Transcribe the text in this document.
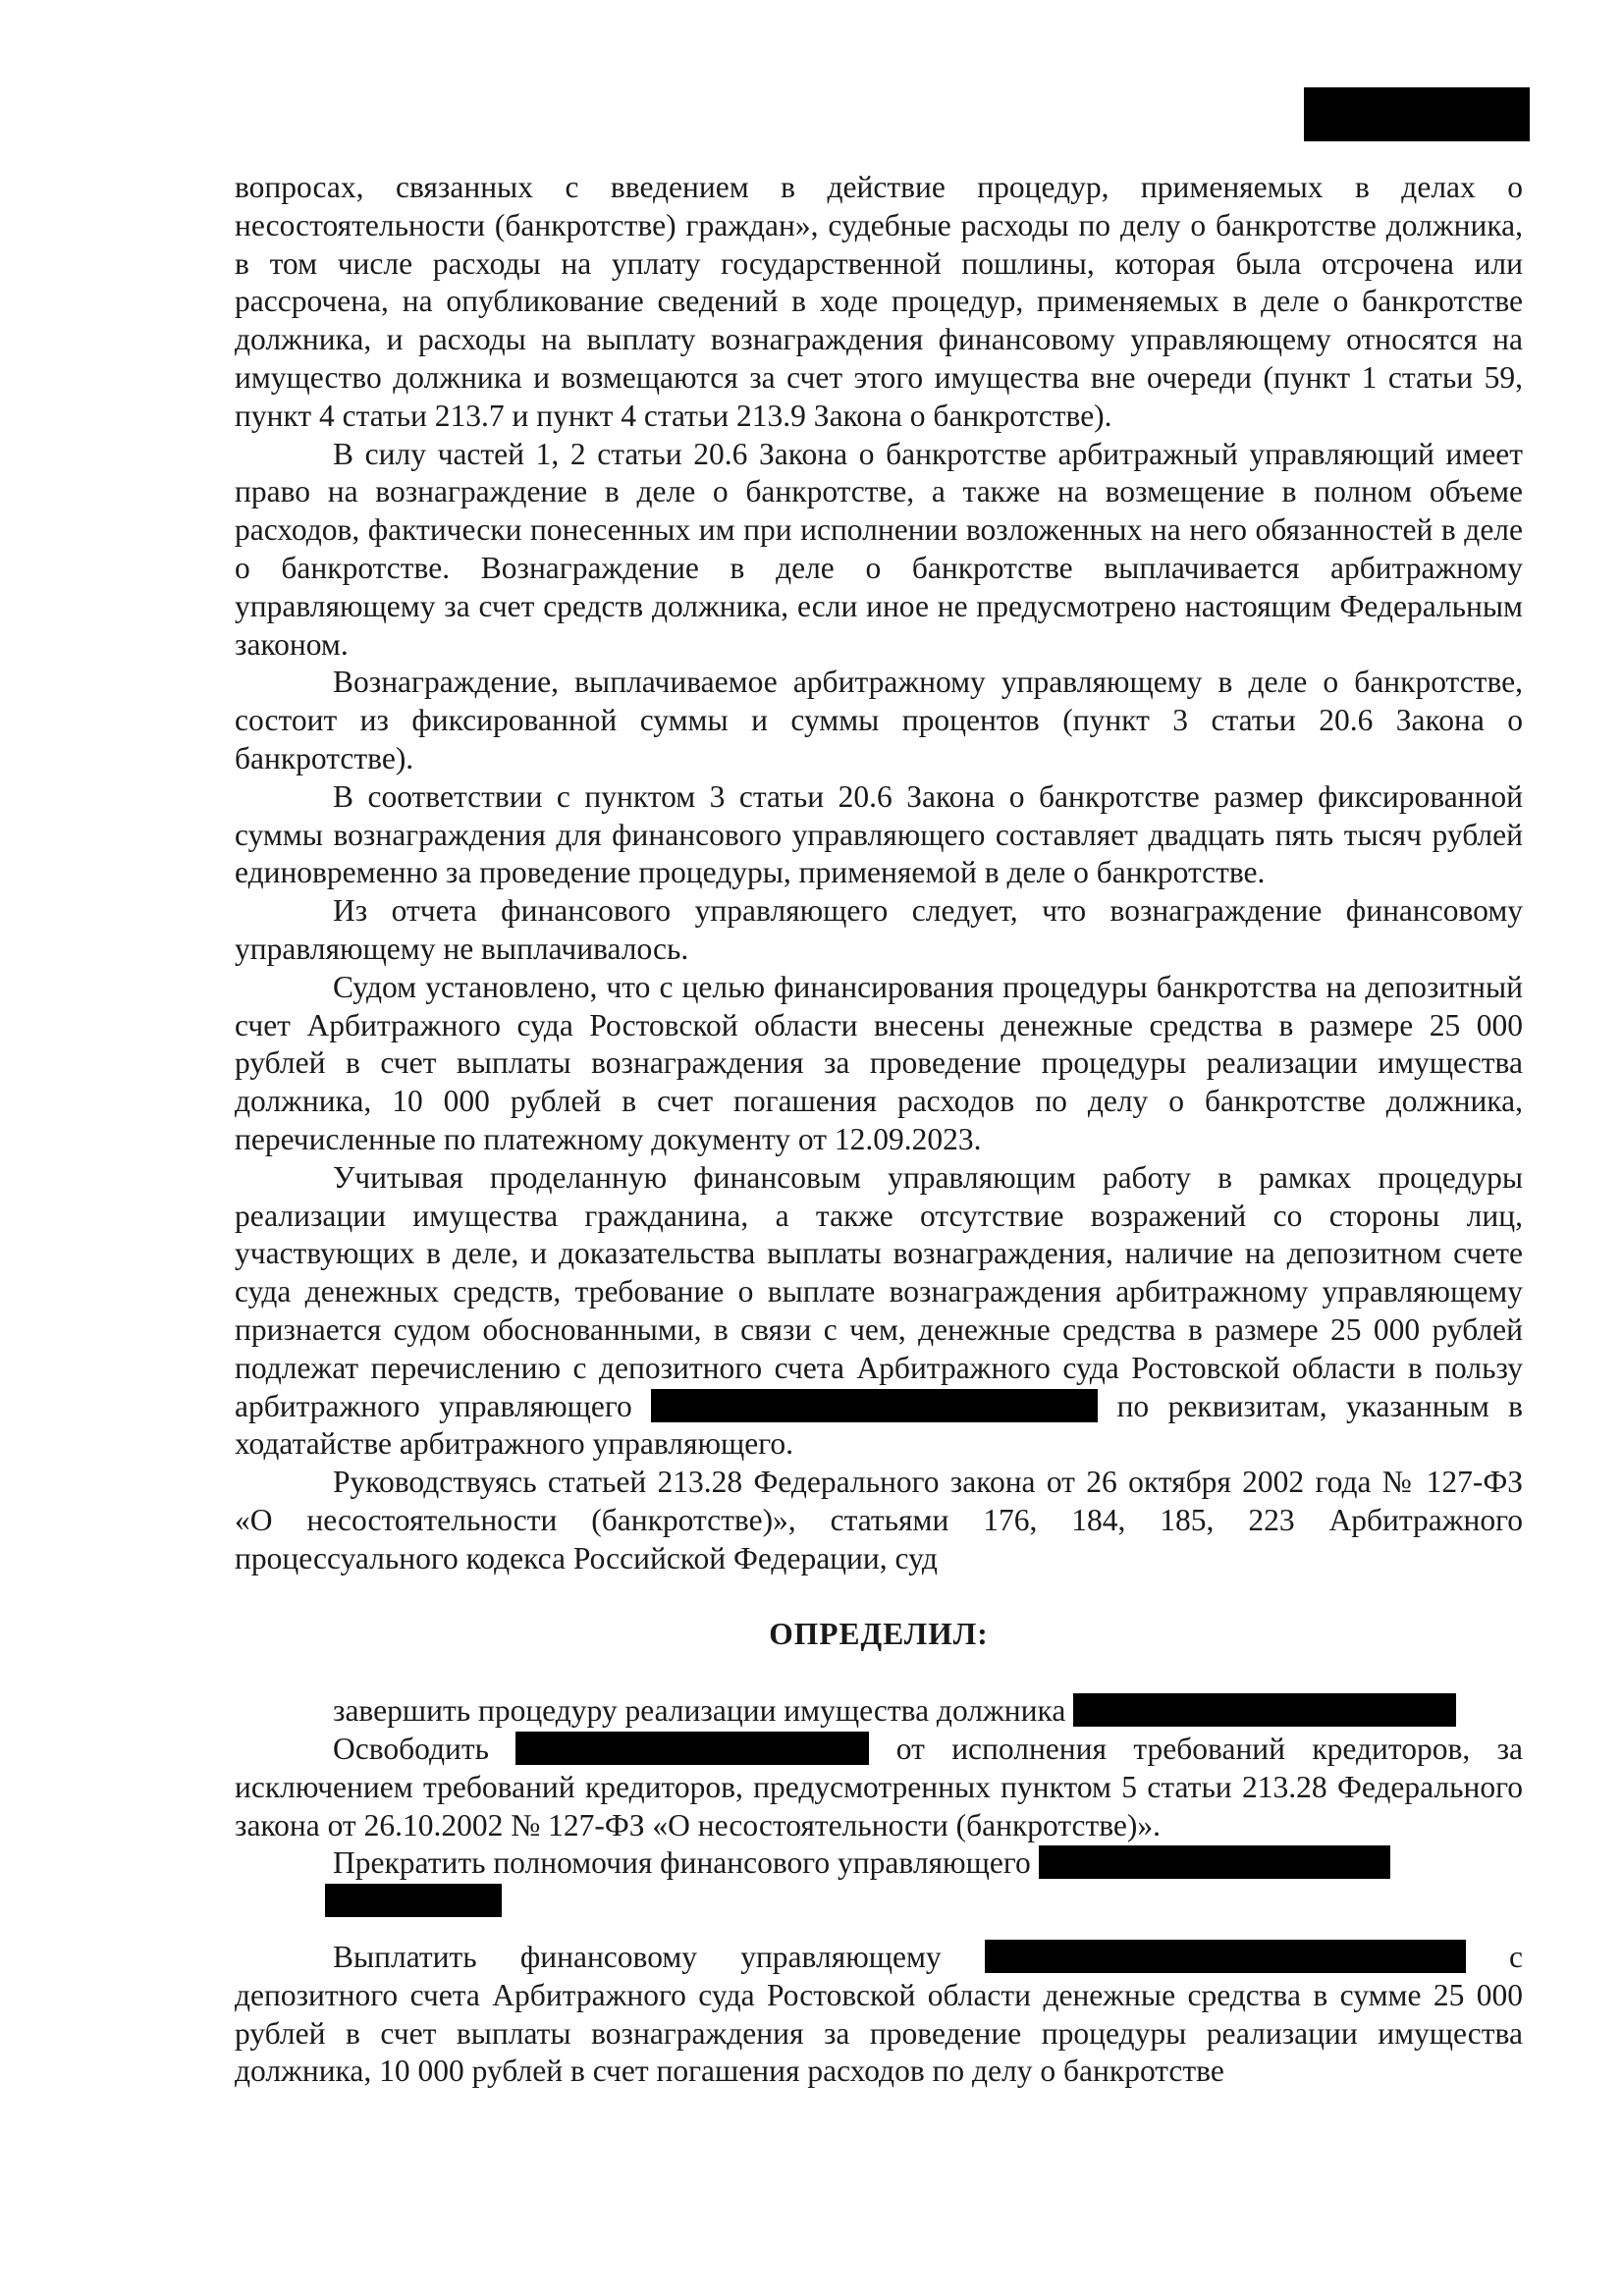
вопросах, связанных с введением в действие процедур, применяемых в делах о несостоятельности (банкротстве) граждан», судебные расходы по делу о банкротстве должника, в том числе расходы на уплату государственной пошлины, которая была отсрочена или рассрочена, на опубликование сведений в ходе процедур, применяемых в деле о банкротстве должника, и расходы на выплату вознаграждения финансовому управляющему относятся на имущество должника и возмещаются за счет этого имущества вне очереди (пункт 1 статьи 59, пункт 4 статьи 213.7 и пункт 4 статьи 213.9 Закона о банкротстве).

В силу частей 1, 2 статьи 20.6 Закона о банкротстве арбитражный управляющий имеет право на вознаграждение в деле о банкротстве, а также на возмещение в полном объеме расходов, фактически понесенных им при исполнении возложенных на него обязанностей в деле о банкротстве. Вознаграждение в деле о банкротстве выплачивается арбитражному управляющему за счет средств должника, если иное не предусмотрено настоящим Федеральным законом.

Вознаграждение, выплачиваемое арбитражному управляющему в деле о банкротстве, состоит из фиксированной суммы и суммы процентов (пункт 3 статьи 20.6 Закона о банкротстве).

В соответствии с пунктом 3 статьи 20.6 Закона о банкротстве размер фиксированной суммы вознаграждения для финансового управляющего составляет двадцать пять тысяч рублей единовременно за проведение процедуры, применяемой в деле о банкротстве.

Из отчета финансового управляющего следует, что вознаграждение финансовому управляющему не выплачивалось.

Судом установлено, что с целью финансирования процедуры банкротства на депозитный счет Арбитражного суда Ростовской области внесены денежные средства в размере 25 000 рублей в счет выплаты вознаграждения за проведение процедуры реализации имущества должника, 10 000 рублей в счет погашения расходов по делу о банкротстве должника, перечисленные по платежному документу от 12.09.2023.

Учитывая проделанную финансовым управляющим работу в рамках процедуры реализации имущества гражданина, а также отсутствие возражений со стороны лиц, участвующих в деле, и доказательства выплаты вознаграждения, наличие на депозитном счете суда денежных средств, требование о выплате вознаграждения арбитражному управляющему признается судом обоснованными, в связи с чем, денежные средства в размере 25 000 рублей подлежат перечислению с депозитного счета Арбитражного суда Ростовской области в пользу арбитражного управляющего	по реквизитам, указанным в ходатайстве арбитражного управляющего.

Руководствуясь статьей 213.28 Федерального закона от 26 октября 2002 года № 127-ФЗ «О несостоятельности (банкротстве)», статьями 176, 184, 185, 223 Арбитражного процессуального кодекса Российской Федерации, суд

ОПРЕДЕЛИЛ:

завершить процедуру реализации имущества должника

Освободить	от исполнения требований кредиторов, за исключением требований кредиторов, предусмотренных пунктом 5 статьи 213.28 Федерального закона от 26.10.2002 № 127-ФЗ «О несостоятельности (банкротстве)».

Прекратить полномочия финансового управляющего

Выплатить финансовому управляющему	с депозитного счета Арбитражного суда Ростовской области денежные средства в сумме 25 000 рублей в счет выплаты вознаграждения за проведение процедуры реализации имущества должника, 10 000 рублей в счет погашения расходов по делу о банкротстве
